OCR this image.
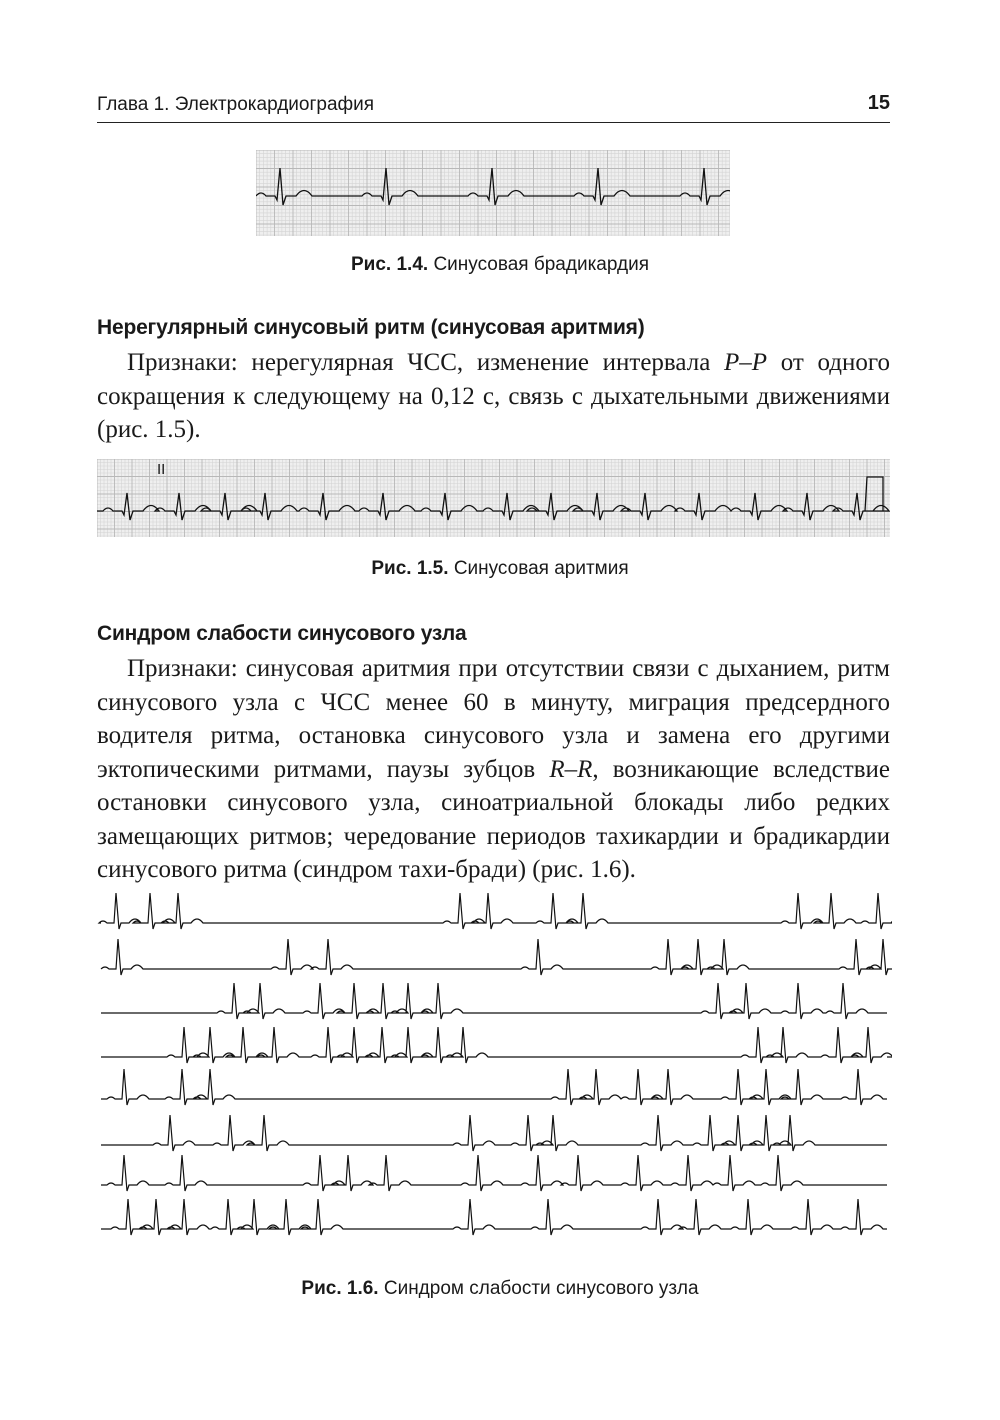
Глава 1. Электрокардиография	15
Рис. 1.4. Синусовая брадикардия
Нерегулярный синусовый ритм (синусовая аритмия)
Признаки: нерегулярная ЧСС, изменение интервала P–P от одного сокращения к следующему на 0,12 с, связь с дыхательными движениями (рис. 1.5).
II
Рис. 1.5. Синусовая аритмия
Синдром слабости синусового узла
Признаки: синусовая аритмия при отсутствии связи с дыханием, ритм синусового узла с ЧСС менее 60 в минуту, миграция предсердного водителя ритма, остановка синусового узла и замена его другими эктопическими ритмами, паузы зубцов R–R, возникающие вследствие остановки синусового узла, синоатриальной блокады либо редких замещающих ритмов; чередование периодов тахикардии и брадикардии синусового ритма (синдром тахи-бради) (рис. 1.6).
Рис. 1.6. Синдром слабости синусового узла
